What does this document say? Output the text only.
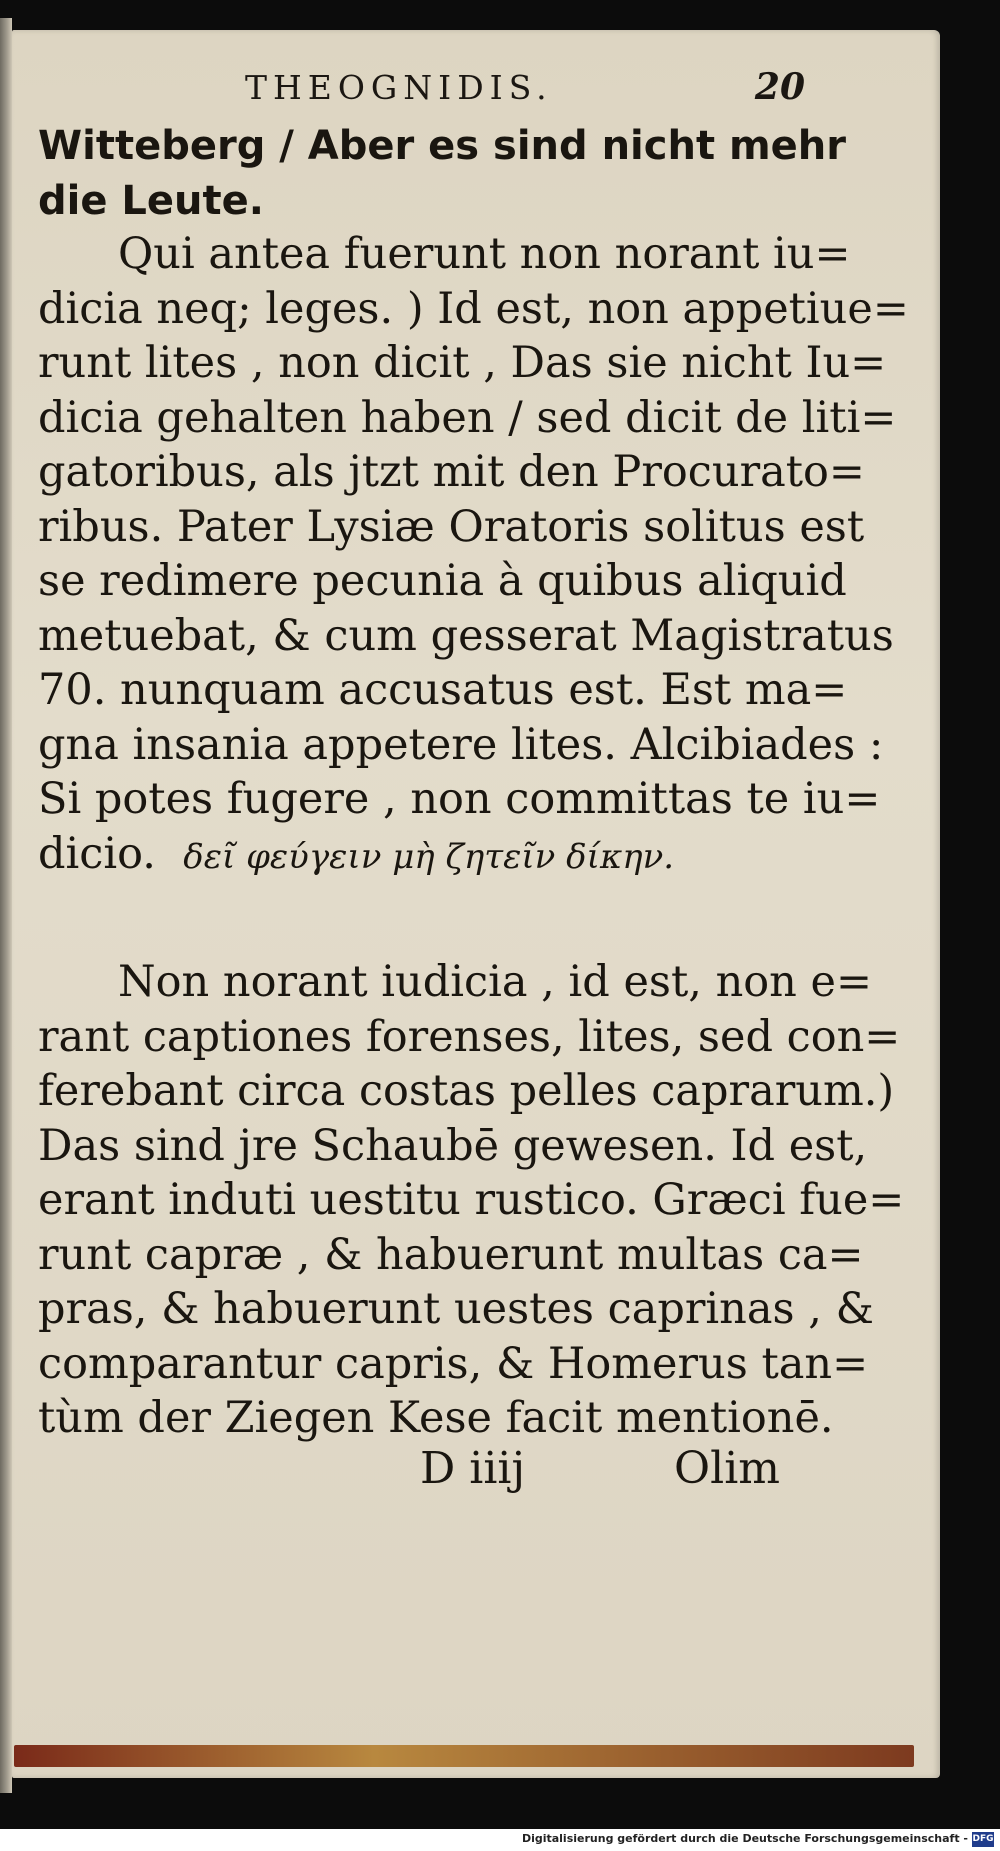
THEOGNIDIS.	20
Witteberg / Aber es sind nicht mehr
die Leute.
Qui antea fuerunt non norant iu=
dicia neq; leges. ) Id est, non appetiue=
runt lites , non dicit , Das sie nicht Iu=
dicia gehalten haben / sed dicit de liti=
gatoribus, als jtzt mit den Procurato=
ribus. Pater Lysiæ Oratoris solitus est
se redimere pecunia à quibus aliquid
metuebat, & cum gesserat Magistratus
70. nunquam accusatus est. Est ma=
gna insania appetere lites. Alcibiades :
Si potes fugere , non committas te iu=
dicio. δεῖ φεύγειν μὴ ζητεῖν δίκην.
Non norant iudicia , id est, non e=
rant captiones forenses, lites, sed con=
ferebant circa costas pelles caprarum.)
Das sind jre Schaubē gewesen. Id est,
erant induti uestitu rustico. Græci fue=
runt capræ , & habuerunt multas ca=
pras, & habuerunt uestes caprinas , &
comparantur capris, & Homerus tan=
tùm der Ziegen Kese facit mentionē.
D iiij	Olim
Digitalisierung gefördert durch die Deutsche Forschungsgemeinschaft - DFG
